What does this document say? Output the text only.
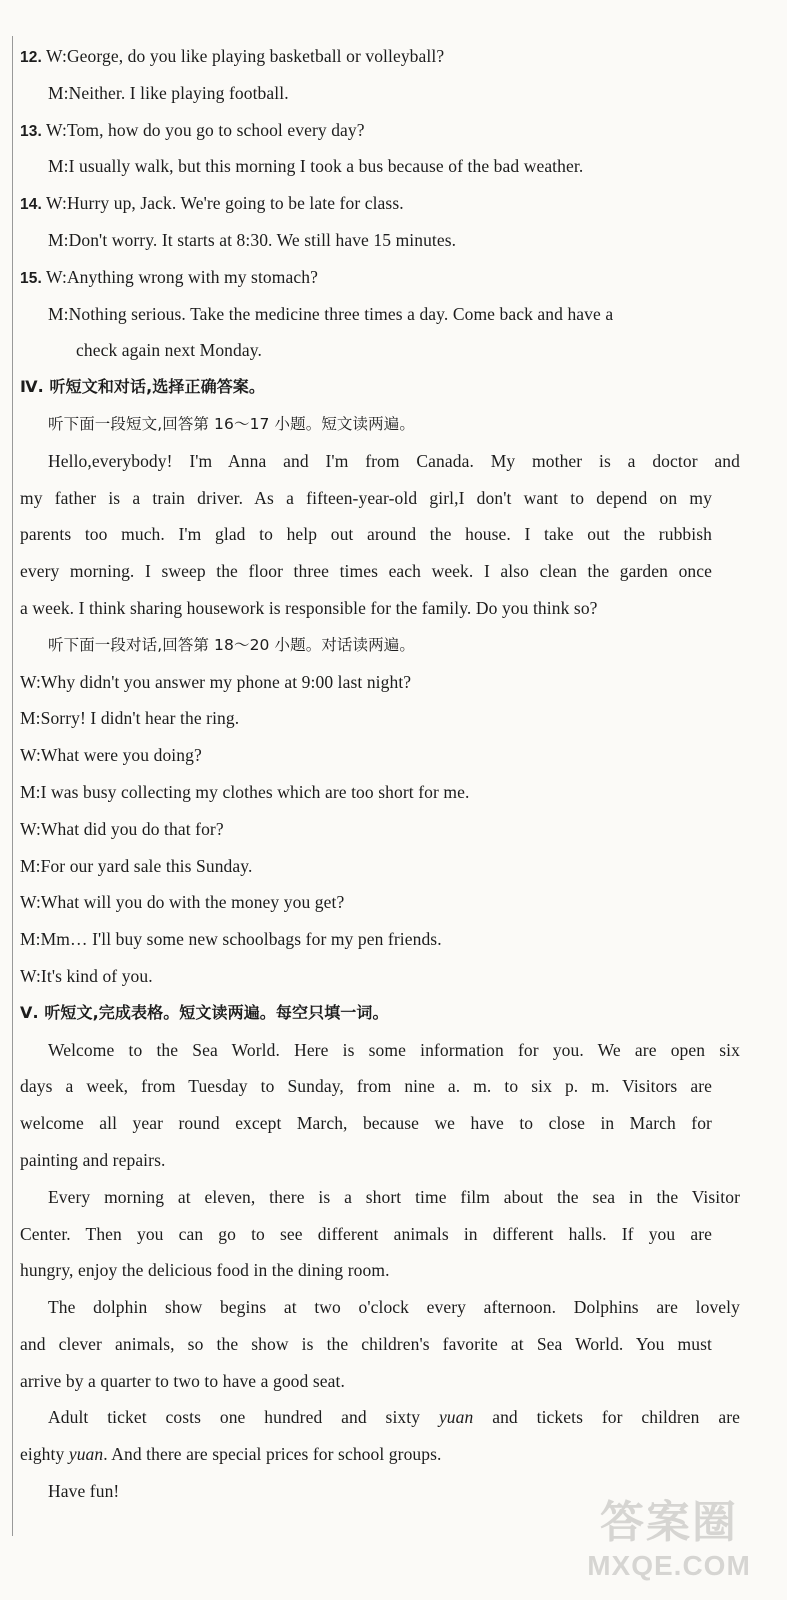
12. W:George, do you like playing basketball or volleyball?
M:Neither. I like playing football.
13. W:Tom, how do you go to school every day?
M:I usually walk, but this morning I took a bus because of the bad weather.
14. W:Hurry up, Jack. We're going to be late for class.
M:Don't worry. It starts at 8:30. We still have 15 minutes.
15. W:Anything wrong with my stomach?
M:Nothing serious. Take the medicine three times a day. Come back and have a
check again next Monday.
Ⅳ. 听短文和对话,选择正确答案。
听下面一段短文,回答第 16～17 小题。短文读两遍。
Hello,everybody! I'm Anna and I'm from Canada. My mother is a doctor and
my father is a train driver. As a fifteen-year-old girl,I don't want to depend on my
parents too much. I'm glad to help out around the house. I take out the rubbish
every morning. I sweep the floor three times each week. I also clean the garden once
a week. I think sharing housework is responsible for the family. Do you think so?
听下面一段对话,回答第 18～20 小题。对话读两遍。
W:Why didn't you answer my phone at 9:00 last night?
M:Sorry! I didn't hear the ring.
W:What were you doing?
M:I was busy collecting my clothes which are too short for me.
W:What did you do that for?
M:For our yard sale this Sunday.
W:What will you do with the money you get?
M:Mm… I'll buy some new schoolbags for my pen friends.
W:It's kind of you.
Ⅴ. 听短文,完成表格。短文读两遍。每空只填一词。
Welcome to the Sea World. Here is some information for you. We are open six
days a week, from Tuesday to Sunday, from nine a. m. to six p. m. Visitors are
welcome all year round except March, because we have to close in March for
painting and repairs.
Every morning at eleven, there is a short time film about the sea in the Visitor
Center. Then you can go to see different animals in different halls. If you are
hungry, enjoy the delicious food in the dining room.
The dolphin show begins at two o'clock every afternoon. Dolphins are lovely
and clever animals, so the show is the children's favorite at Sea World. You must
arrive by a quarter to two to have a good seat.
Adult ticket costs one hundred and sixty yuan and tickets for children are
eighty yuan. And there are special prices for school groups.
Have fun!
答案圈
MXQE.COM
